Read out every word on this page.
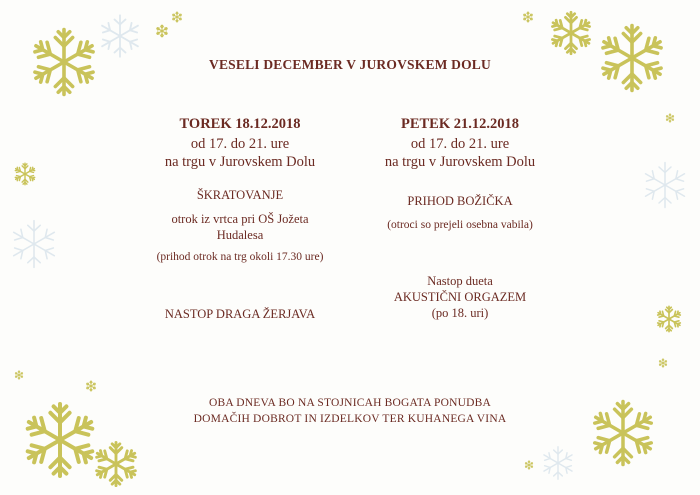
VESELI DECEMBER V JUROVSKEM DOLU
TOREK 18.12.2018
od 17. do 21. ure
na trgu v Jurovskem Dolu
ŠKRATOVANJE
otrok iz vrtca pri OŠ Jožeta
Hudalesa
(prihod otrok na trg okoli 17.30 ure)
NASTOP DRAGA ŽERJAVA
PETEK 21.12.2018
od 17. do 21. ure
na trgu v Jurovskem Dolu
PRIHOD BOŽIČKA
(otroci so prejeli osebna vabila)
Nastop dueta
AKUSTIČNI ORGAZEM
(po 18. uri)
OBA DNEVA BO NA STOJNICAH BOGATA PONUDBA
DOMAČIH DOBROT IN IZDELKOV TER KUHANEGA VINA
